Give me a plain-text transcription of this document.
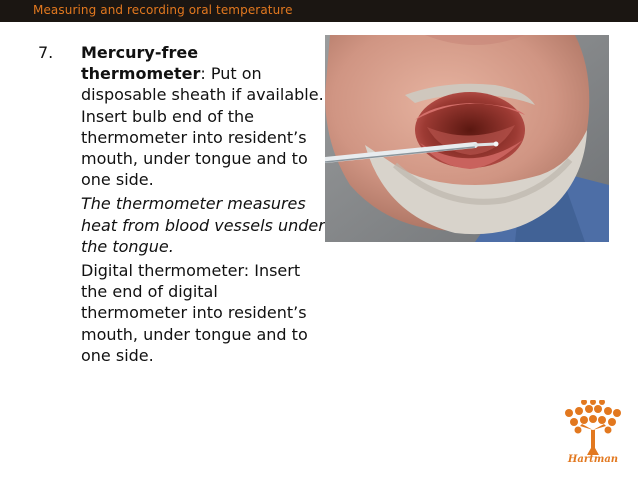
Measuring and recording oral temperature
7. Mercury-free thermometer: Put on disposable sheath if available. Insert bulb end of the thermometer into resident’s mouth, under tongue and to one side.

The thermometer measures heat from blood vessels under the tongue.

Digital thermometer: Insert the end of digital thermometer into resident’s mouth, under tongue and to one side.

Hartman
